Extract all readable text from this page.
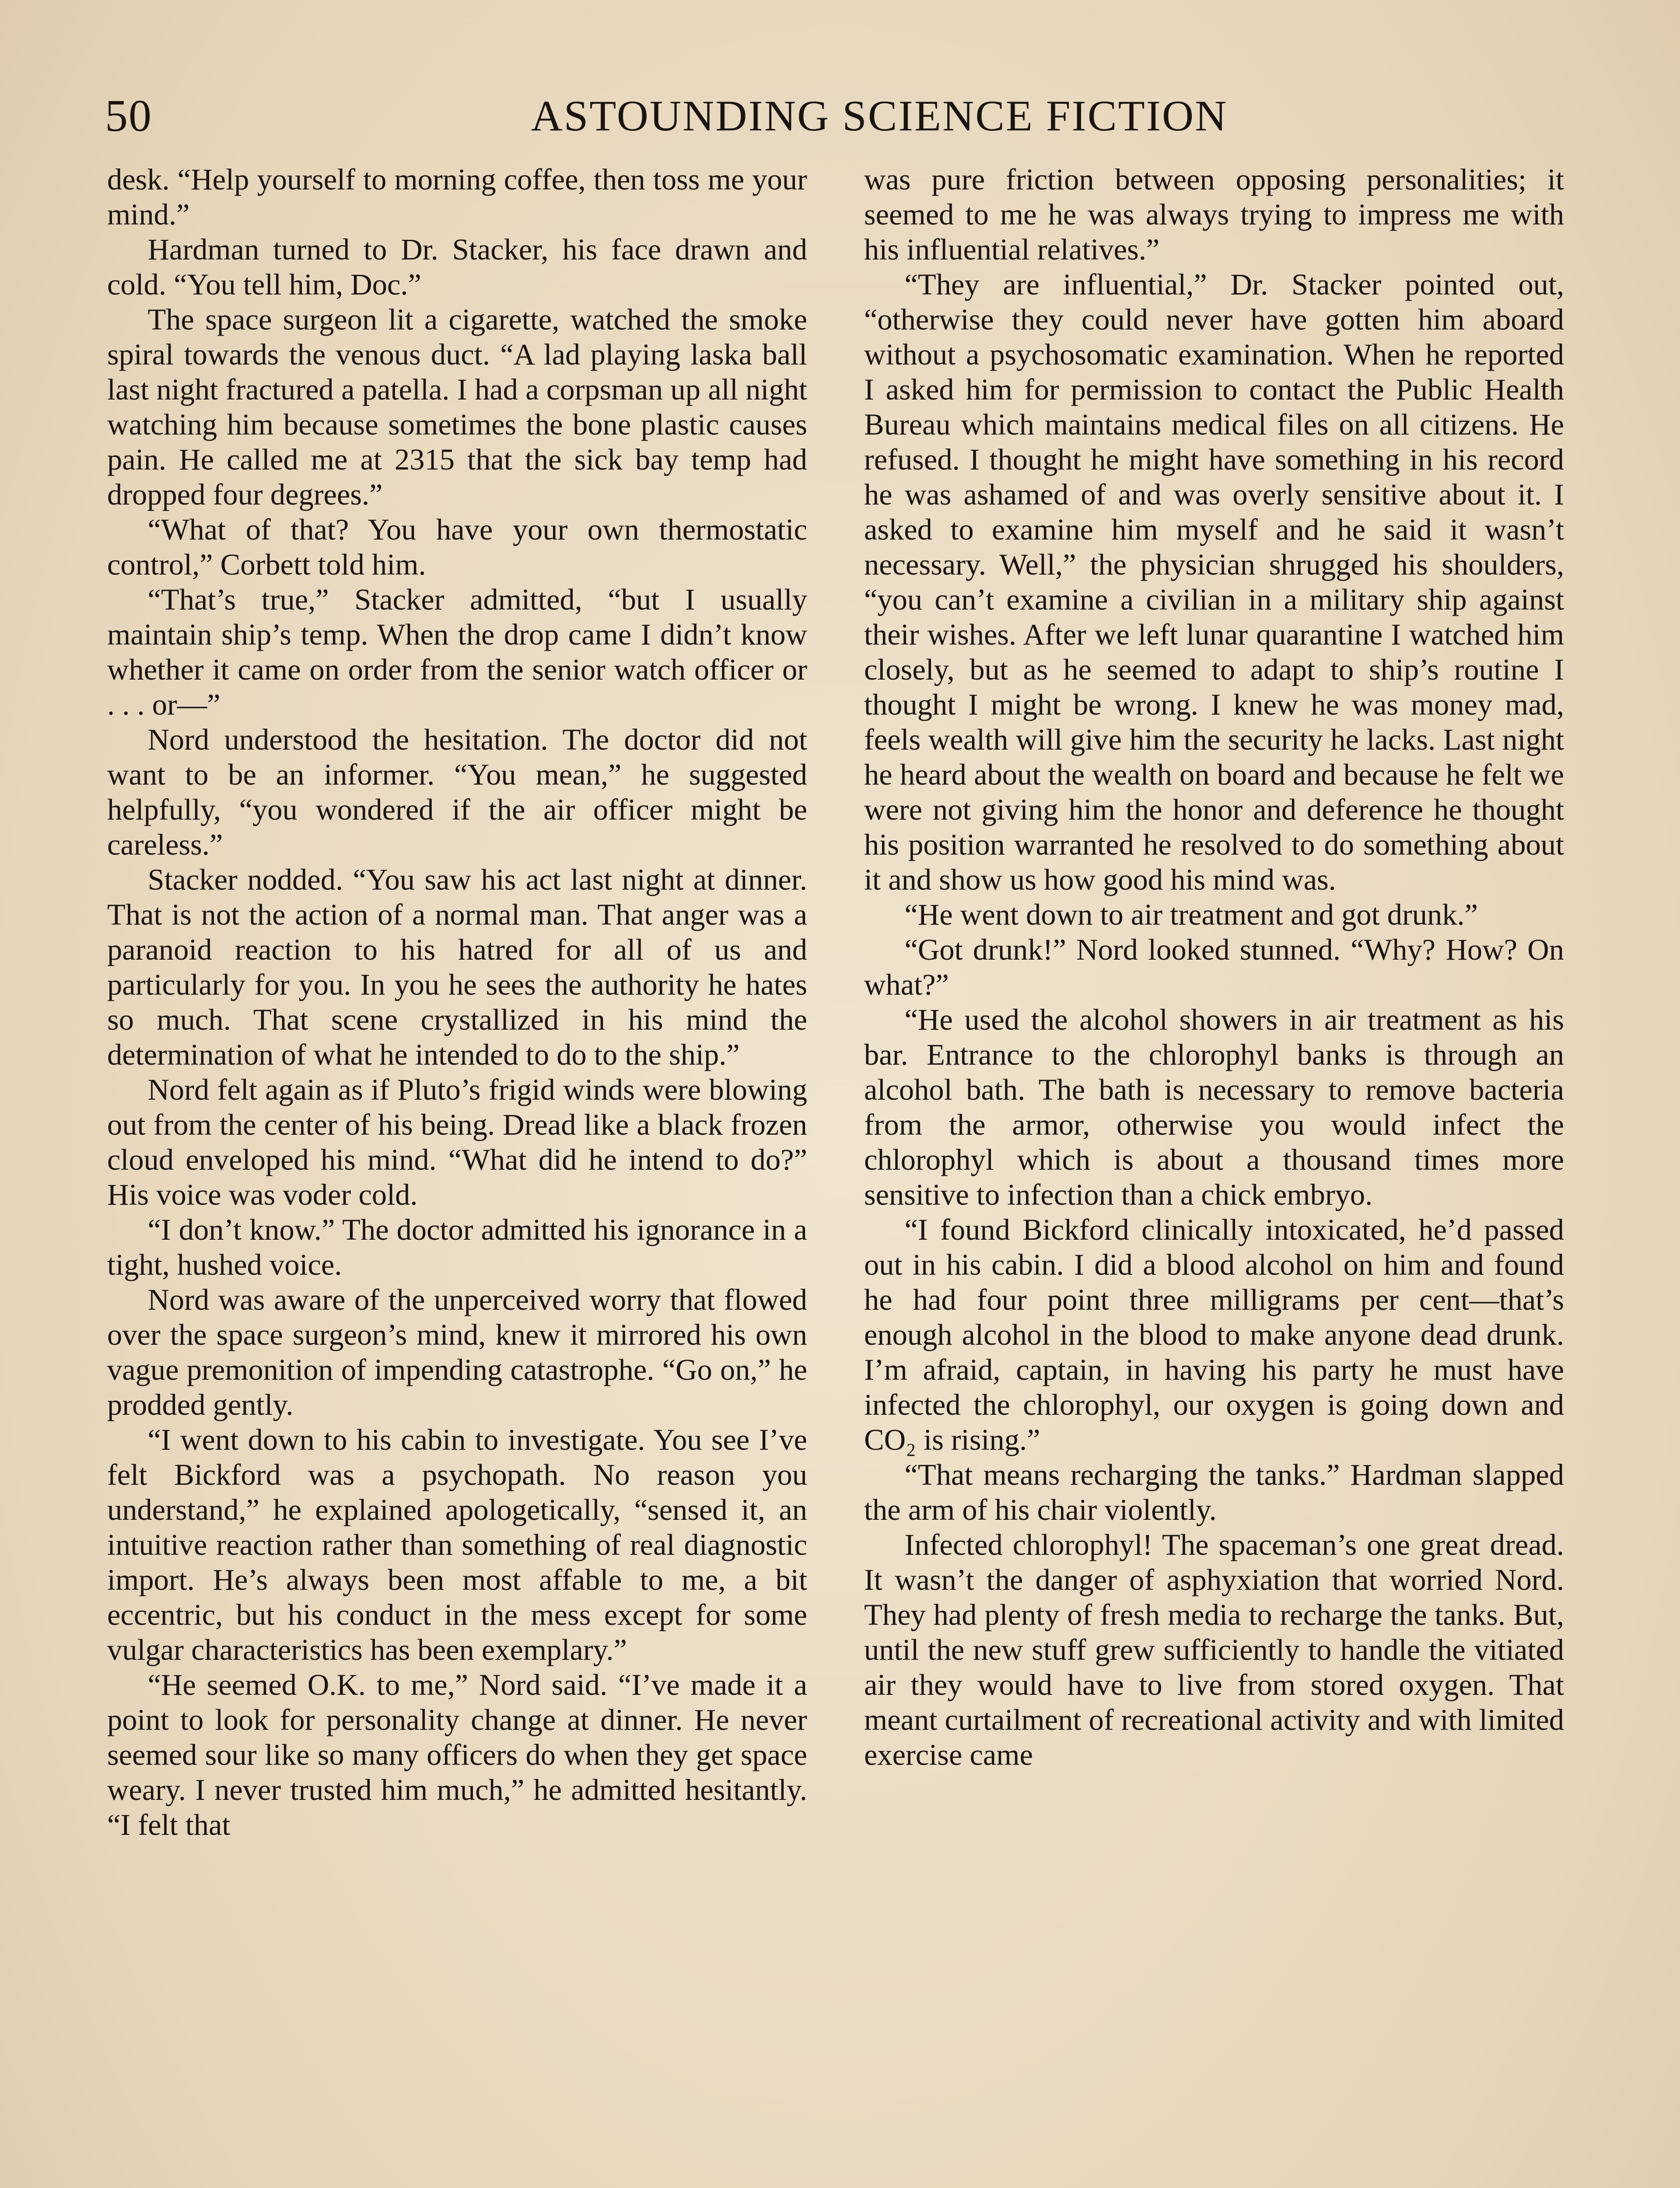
50	ASTOUNDING SCIENCE FICTION

desk. “Help yourself to morning coffee, then toss me your mind.”

Hardman turned to Dr. Stacker, his face drawn and cold. “You tell him, Doc.”

The space surgeon lit a cigarette, watched the smoke spiral towards the venous duct. “A lad playing laska ball last night fractured a patella. I had a corpsman up all night watching him because sometimes the bone plastic causes pain. He called me at 2315 that the sick bay temp had dropped four degrees.”

“What of that? You have your own thermostatic control,” Corbett told him.

“That’s true,” Stacker admitted, “but I usually maintain ship’s temp. When the drop came I didn’t know whether it came on order from the senior watch officer or . . . or—”

Nord understood the hesitation. The doctor did not want to be an informer. “You mean,” he suggested helpfully, “you wondered if the air officer might be careless.”

Stacker nodded. “You saw his act last night at dinner. That is not the action of a normal man. That anger was a paranoid reaction to his hatred for all of us and particularly for you. In you he sees the authority he hates so much. That scene crystallized in his mind the determination of what he intended to do to the ship.”

Nord felt again as if Pluto’s frigid winds were blowing out from the center of his being. Dread like a black frozen cloud enveloped his mind. “What did he intend to do?” His voice was voder cold.

“I don’t know.” The doctor admitted his ignorance in a tight, hushed voice.

Nord was aware of the unperceived worry that flowed over the space surgeon’s mind, knew it mirrored his own vague premonition of impending catastrophe. “Go on,” he prodded gently.

“I went down to his cabin to investigate. You see I’ve felt Bickford was a psychopath. No reason you understand,” he explained apologetically, “sensed it, an intuitive reaction rather than something of real diagnostic import. He’s always been most affable to me, a bit eccentric, but his conduct in the mess except for some vulgar characteristics has been exemplary.”

“He seemed O.K. to me,” Nord said. “I’ve made it a point to look for personality change at dinner. He never seemed sour like so many officers do when they get space weary. I never trusted him much,” he admitted hesitantly. “I felt that

was pure friction between opposing personalities; it seemed to me he was always trying to impress me with his influential relatives.”

“They are influential,” Dr. Stacker pointed out, “otherwise they could never have gotten him aboard without a psychosomatic examination. When he reported I asked him for permission to contact the Public Health Bureau which maintains medical files on all citizens. He refused. I thought he might have something in his record he was ashamed of and was overly sensitive about it. I asked to examine him myself and he said it wasn’t necessary. Well,” the physician shrugged his shoulders, “you can’t examine a civilian in a military ship against their wishes. After we left lunar quarantine I watched him closely, but as he seemed to adapt to ship’s routine I thought I might be wrong. I knew he was money mad, feels wealth will give him the security he lacks. Last night he heard about the wealth on board and because he felt we were not giving him the honor and deference he thought his position warranted he resolved to do something about it and show us how good his mind was.

“He went down to air treatment and got drunk.”

“Got drunk!” Nord looked stunned. “Why? How? On what?”

“He used the alcohol showers in air treatment as his bar. Entrance to the chlorophyl banks is through an alcohol bath. The bath is necessary to remove bacteria from the armor, otherwise you would infect the chlorophyl which is about a thousand times more sensitive to infection than a chick embryo.

“I found Bickford clinically intoxicated, he’d passed out in his cabin. I did a blood alcohol on him and found he had four point three milligrams per cent—that’s enough alcohol in the blood to make anyone dead drunk. I’m afraid, captain, in having his party he must have infected the chlorophyl, our oxygen is going down and CO₂ is rising.”

“That means recharging the tanks.” Hardman slapped the arm of his chair violently.

Infected chlorophyl! The spaceman’s one great dread. It wasn’t the danger of asphyxiation that worried Nord. They had plenty of fresh media to recharge the tanks. But, until the new stuff grew sufficiently to handle the vitiated air they would have to live from stored oxygen. That meant curtailment of recreational activity and with limited exercise came
